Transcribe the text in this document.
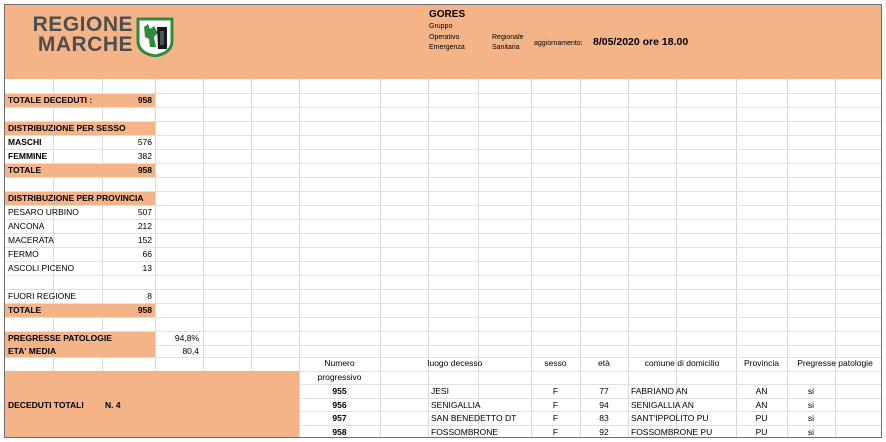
REGIONE
MARCHE
GORES
Gruppo
Operativo
Emergenza
Regionale
Sanitaria
aggiornamento: 8/05/2020 ore 18.00
TOTALE DECEDUTI :	958
DISTRIBUZIONE PER SESSO
MASCHI	576
FEMMINE	382
TOTALE	958
DISTRIBUZIONE PER PROVINCIA
PESARO URBINO	507
ANCONA	212
MACERATA	152
FERMO	66
ASCOLI PICENO	13
FUORI REGIONE	8
TOTALE	958
PREGRESSE PATOLOGIE	94,8%
ETA' MEDIA	80,4
DECEDUTI TOTALI	N. 4
Numero
progressivo
luogo decesso	sesso	età	comune di domicilio	Provincia	Pregresse patologie
955	JESI	F	77	FABRIANO AN	AN	si
956	SENIGALLIA	F	94	SENIGALLIA AN	AN	si
957	SAN BENEDETTO DT	F	83	SANT'IPPOLITO PU	PU	si
958	FOSSOMBRONE	F	92	FOSSOMBRONE PU	PU	si
